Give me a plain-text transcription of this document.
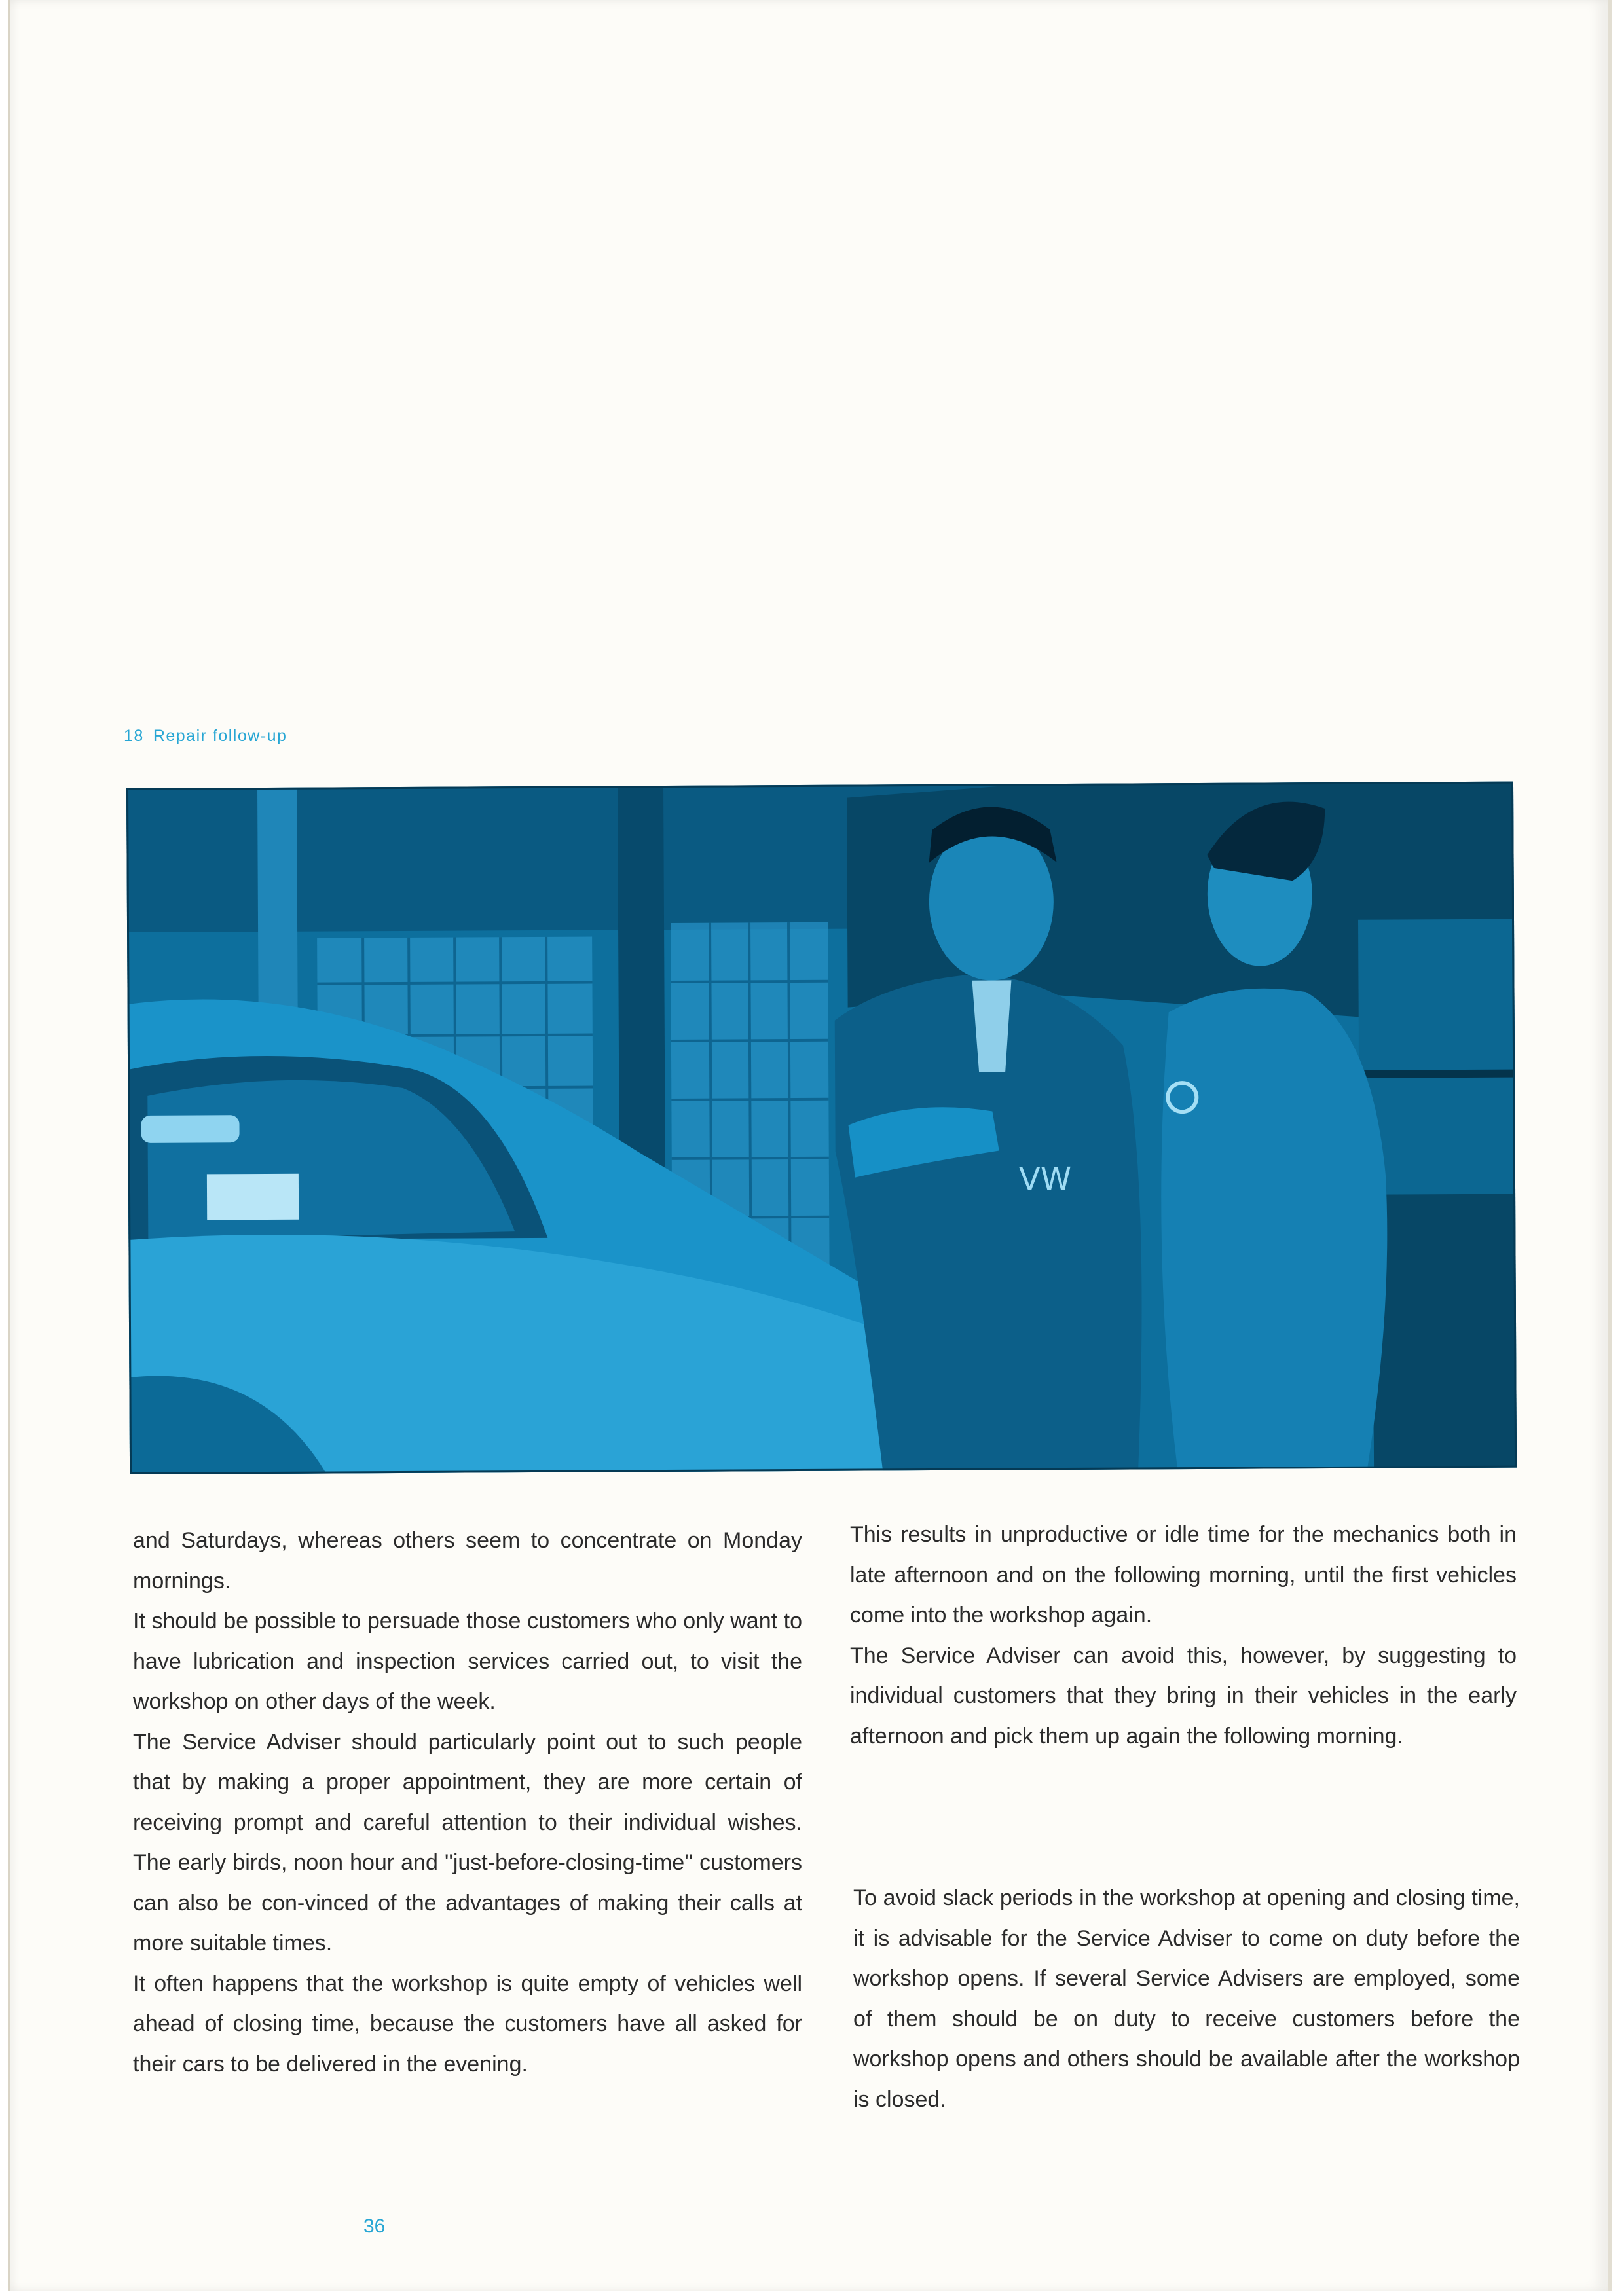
18 Repair follow-up
VW

and Saturdays, whereas others seem to concentrate on Monday mornings.

It should be possible to persuade those customers who only want to have lubrication and inspection services carried out, to visit the workshop on other days of the week.

The Service Adviser should particularly point out to such people that by making a proper appointment, they are more certain of receiving prompt and careful attention to their individual wishes. The early birds, noon hour and ''just-before-closing-time'' customers can also be con-vinced of the advantages of making their calls at more suitable times.

It often happens that the workshop is quite empty of vehicles well ahead of closing time, because the customers have all asked for their cars to be delivered in the evening.

This results in unproductive or idle time for the mechanics both in late afternoon and on the following morning, until the first vehicles come into the workshop again.

The Service Adviser can avoid this, however, by suggesting to individual customers that they bring in their vehicles in the early afternoon and pick them up again the following morning.

To avoid slack periods in the workshop at opening and closing time, it is advisable for the Service Adviser to come on duty before the workshop opens. If several Service Advisers are employed, some of them should be on duty to receive customers before the workshop opens and others should be available after the workshop is closed.

36
